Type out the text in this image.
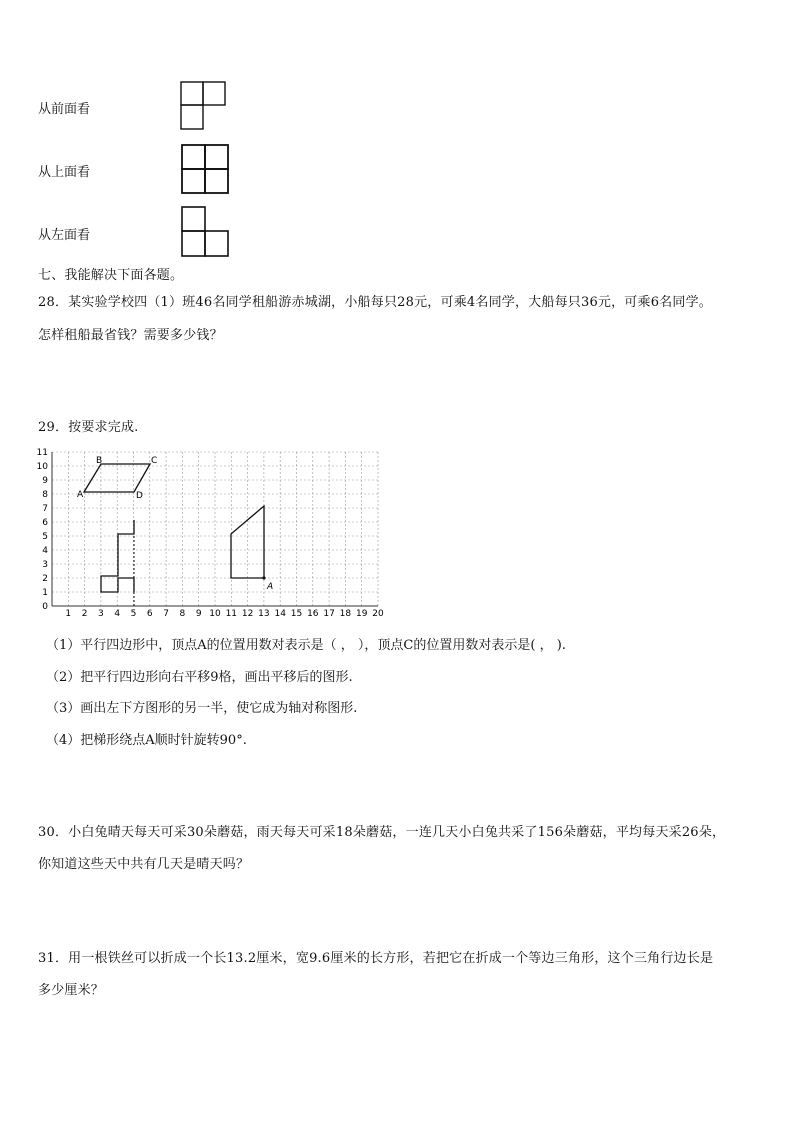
从前面看
从上面看
从左面看
七、我能解决下面各题。
28．某实验学校四（1）班46名同学租船游赤城湖，小船每只28元，可乘4名同学，大船每只36元，可乘6名同学。
怎样租船最省钱？需要多少钱？
29．按要求完成.
1 2 3 4 5 6 7 8 9 10 11 12 13 14 15 16 17 18 19 20
0
1
2
3
4
5
6
7
8
9
10
11
A
B	C
D
A
（1）平行四边形中，顶点A的位置用数对表示是（ ， ），顶点C的位置用数对表示是( ， ).
（2）把平行四边形向右平移9格，画出平移后的图形.
（3）画出左下方图形的另一半，使它成为轴对称图形.
（4）把梯形绕点A顺时针旋转90°.
30．小白兔晴天每天可采30朵蘑菇，雨天每天可采18朵蘑菇，一连几天小白兔共采了156朵蘑菇，平均每天采26朵，
你知道这些天中共有几天是晴天吗？
31．用一根铁丝可以折成一个长13.2厘米，宽9.6厘米的长方形，若把它在折成一个等边三角形，这个三角行边长是
多少厘米？
